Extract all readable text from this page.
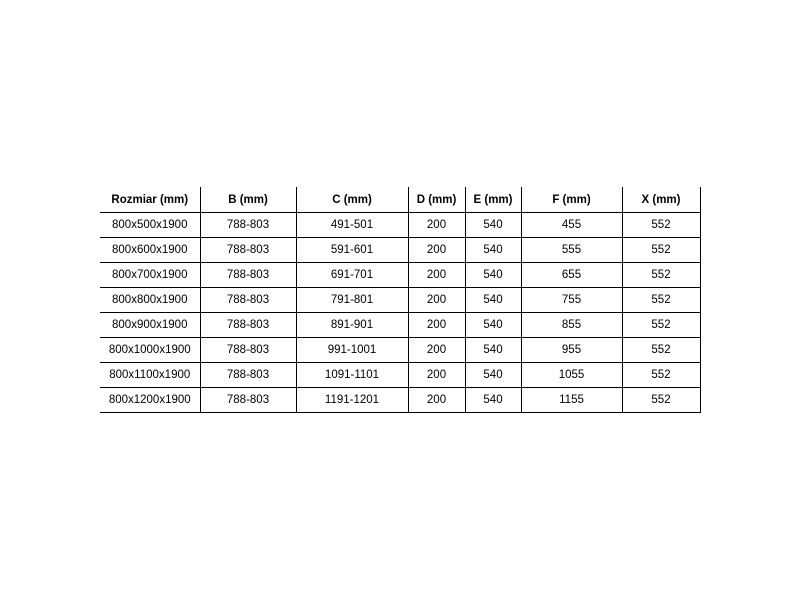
Rozmiar (mm)	B (mm)	C (mm)	D (mm)	E (mm)	F (mm)	X (mm)
800x500x1900	788-803	491-501	200	540	455	552
800x600x1900	788-803	591-601	200	540	555	552
800x700x1900	788-803	691-701	200	540	655	552
800x800x1900	788-803	791-801	200	540	755	552
800x900x1900	788-803	891-901	200	540	855	552
800x1000x1900	788-803	991-1001	200	540	955	552
800x1100x1900	788-803	1091-1101	200	540	1055	552
800x1200x1900	788-803	1191-1201	200	540	1155	552
